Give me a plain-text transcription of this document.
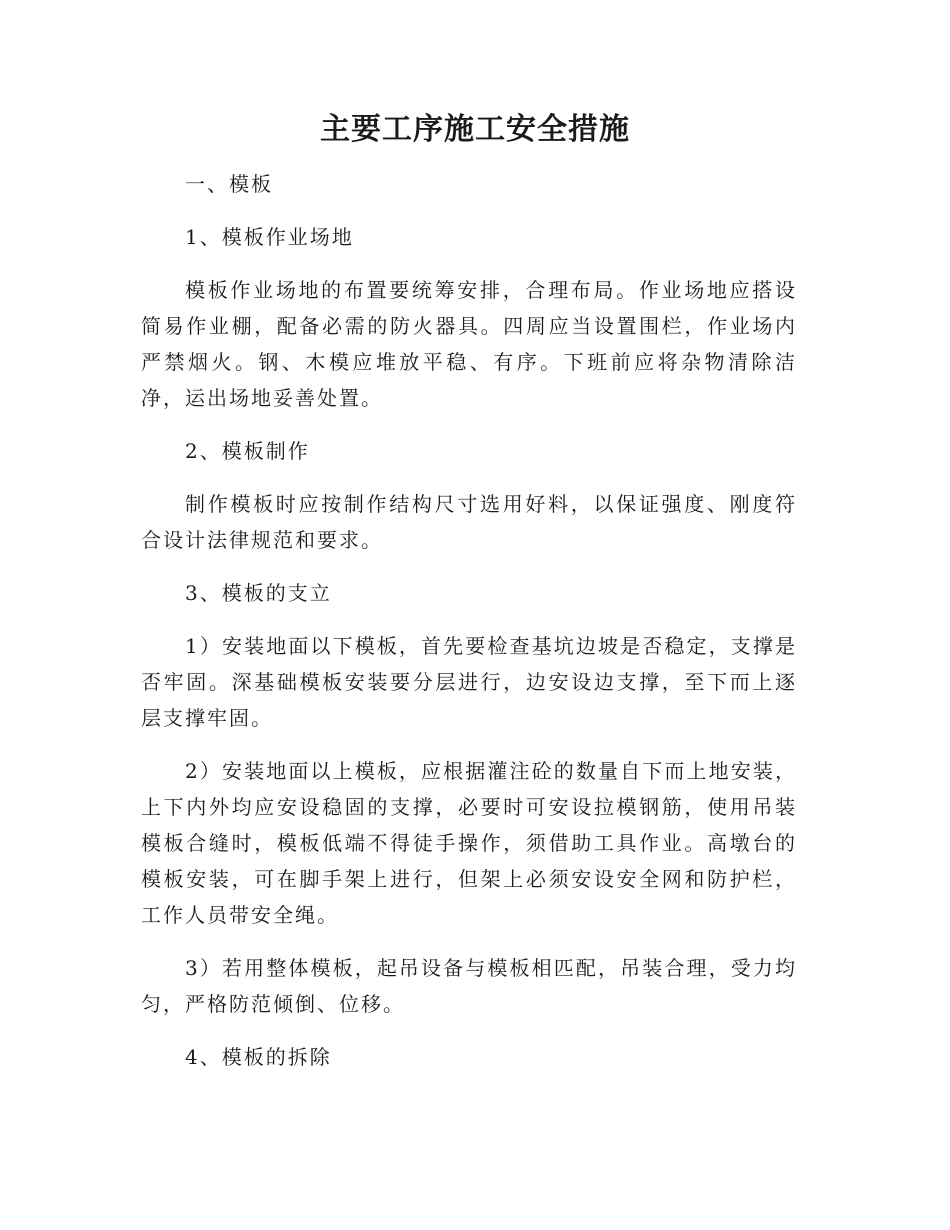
主要工序施工安全措施

一、模板

1、模板作业场地

模板作业场地的布置要统筹安排，合理布局。作业场地应搭设简易作业棚，配备必需的防火器具。四周应当设置围栏，作业场内严禁烟火。钢、木模应堆放平稳、有序。下班前应将杂物清除洁净，运出场地妥善处置。

2、模板制作

制作模板时应按制作结构尺寸选用好料，以保证强度、刚度符合设计法律规范和要求。

3、模板的支立

1）安装地面以下模板，首先要检查基坑边坡是否稳定，支撑是否牢固。深基础模板安装要分层进行，边安设边支撑，至下而上逐层支撑牢固。

2）安装地面以上模板，应根据灌注砼的数量自下而上地安装，上下内外均应安设稳固的支撑，必要时可安设拉模钢筋，使用吊装模板合缝时，模板低端不得徒手操作，须借助工具作业。高墩台的模板安装，可在脚手架上进行，但架上必须安设安全网和防护栏，工作人员带安全绳。

3）若用整体模板，起吊设备与模板相匹配，吊装合理，受力均匀，严格防范倾倒、位移。

4、模板的拆除
